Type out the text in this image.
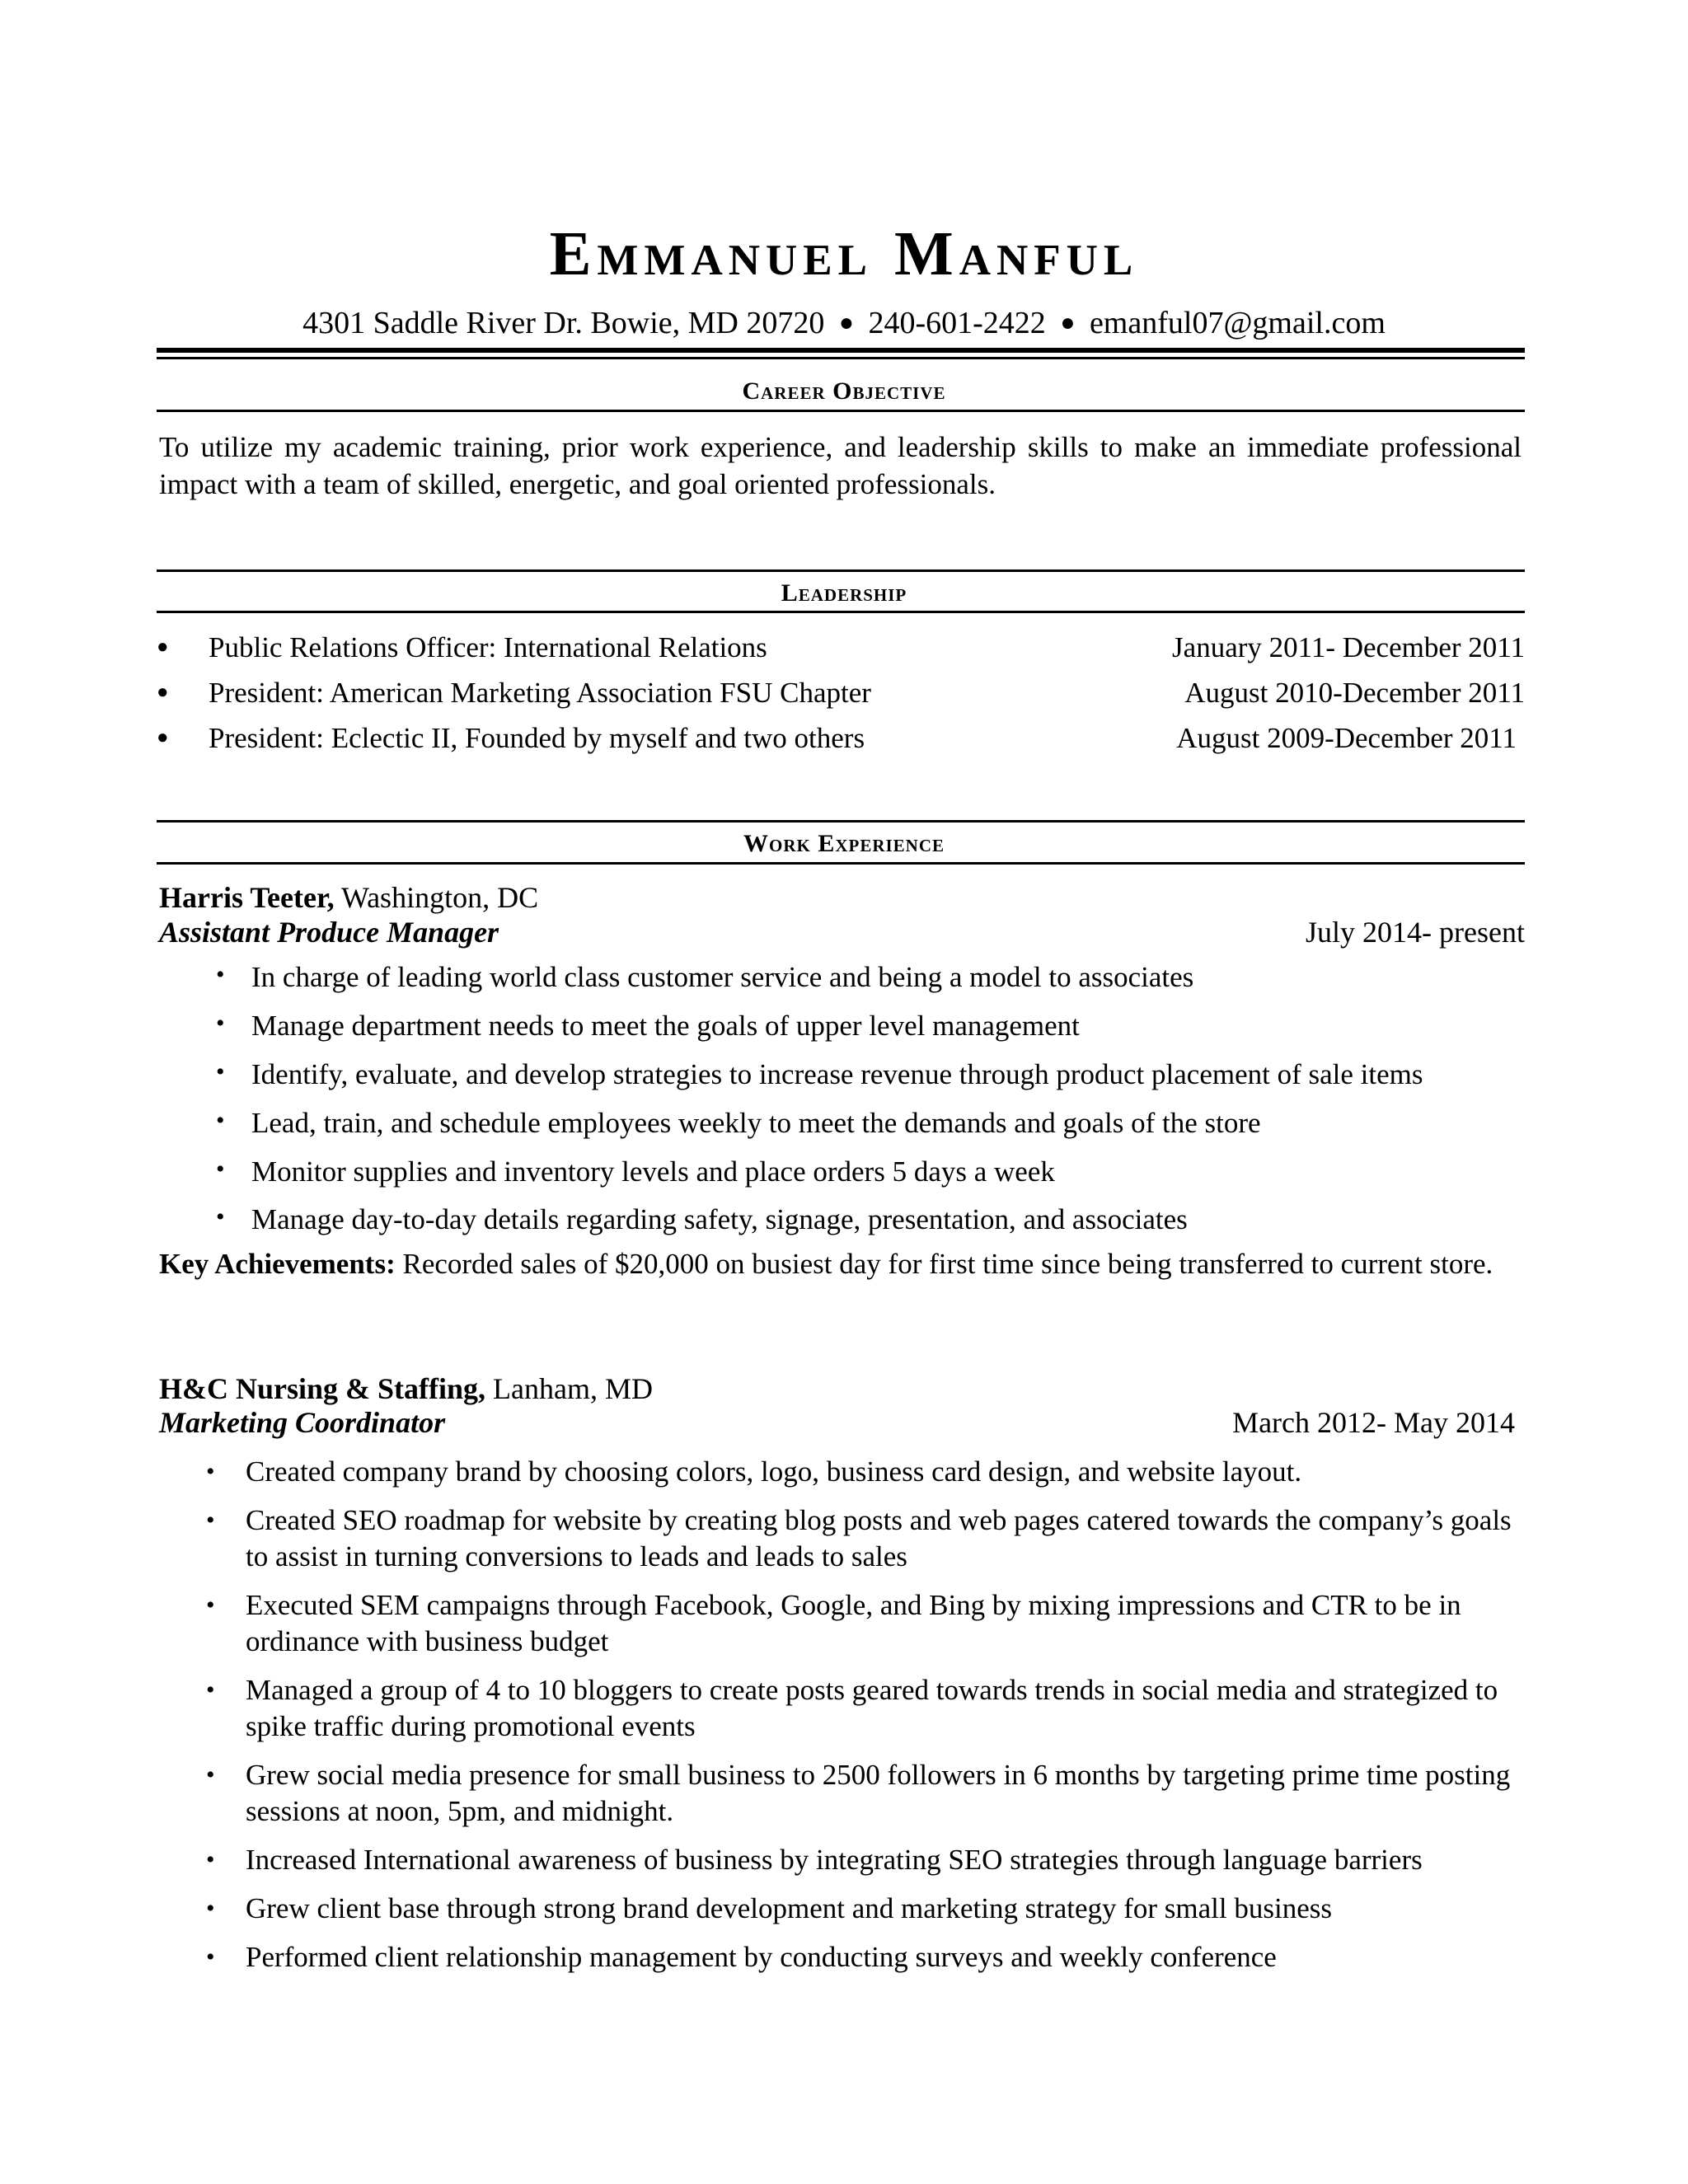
Emmanuel Manful
4301 Saddle River Dr. Bowie, MD 20720 ● 240-601-2422 ● emanful07@gmail.com
Career Objective
To utilize my academic training, prior work experience, and leadership skills to make an immediate professional impact with a team of skilled, energetic, and goal oriented professionals.
Leadership
● Public Relations Officer: International Relations	January 2011- December 2011
● President: American Marketing Association FSU Chapter	August 2010-December 2011
● President: Eclectic II, Founded by myself and two others	August 2009-December 2011
Work Experience
Harris Teeter, Washington, DC
Assistant Produce Manager	July 2014- present
• In charge of leading world class customer service and being a model to associates
• Manage department needs to meet the goals of upper level management
• Identify, evaluate, and develop strategies to increase revenue through product placement of sale items
• Lead, train, and schedule employees weekly to meet the demands and goals of the store
• Monitor supplies and inventory levels and place orders 5 days a week
• Manage day-to-day details regarding safety, signage, presentation, and associates
Key Achievements: Recorded sales of $20,000 on busiest day for first time since being transferred to current store.
H&C Nursing & Staffing, Lanham, MD
Marketing Coordinator	March 2012- May 2014
• Created company brand by choosing colors, logo, business card design, and website layout.
• Created SEO roadmap for website by creating blog posts and web pages catered towards the company’s goals to assist in turning conversions to leads and leads to sales
• Executed SEM campaigns through Facebook, Google, and Bing by mixing impressions and CTR to be in ordinance with business budget
• Managed a group of 4 to 10 bloggers to create posts geared towards trends in social media and strategized to spike traffic during promotional events
• Grew social media presence for small business to 2500 followers in 6 months by targeting prime time posting sessions at noon, 5pm, and midnight.
• Increased International awareness of business by integrating SEO strategies through language barriers
• Grew client base through strong brand development and marketing strategy for small business
• Performed client relationship management by conducting surveys and weekly conference
